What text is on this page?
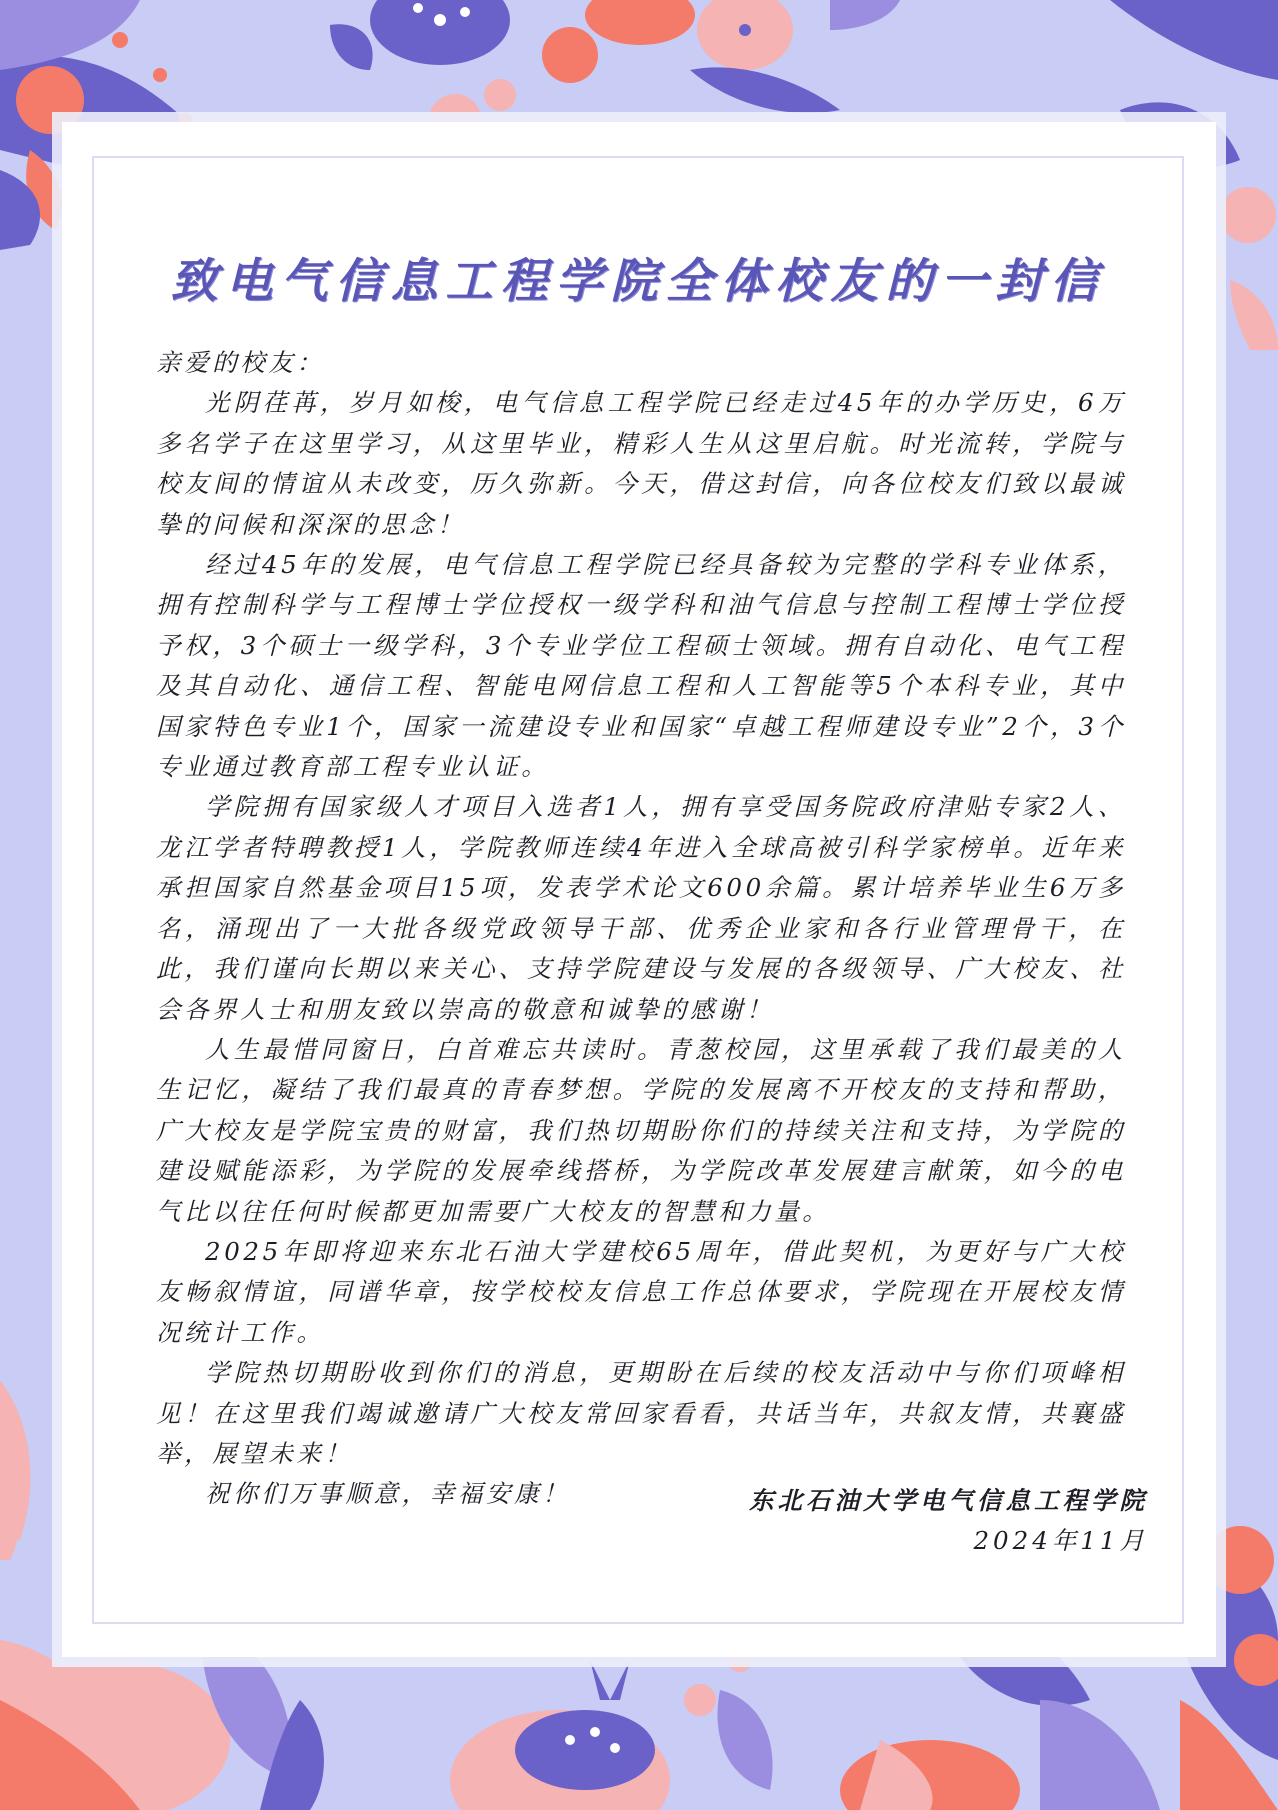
致电气信息工程学院全体校友的一封信

亲爱的校友：

光阴荏苒，岁月如梭，电气信息工程学院已经走过45年的办学历史，6万多名学子在这里学习，从这里毕业，精彩人生从这里启航。时光流转，学院与校友间的情谊从未改变，历久弥新。今天，借这封信，向各位校友们致以最诚挚的问候和深深的思念！

经过45年的发展，电气信息工程学院已经具备较为完整的学科专业体系，拥有控制科学与工程博士学位授权一级学科和油气信息与控制工程博士学位授予权，3个硕士一级学科，3个专业学位工程硕士领域。拥有自动化、电气工程及其自动化、通信工程、智能电网信息工程和人工智能等5个本科专业，其中国家特色专业1个，国家一流建设专业和国家“卓越工程师建设专业”2个，3个专业通过教育部工程专业认证。

学院拥有国家级人才项目入选者1人，拥有享受国务院政府津贴专家2人、龙江学者特聘教授1人，学院教师连续4年进入全球高被引科学家榜单。近年来承担国家自然基金项目15项，发表学术论文600余篇。累计培养毕业生6万多名，涌现出了一大批各级党政领导干部、优秀企业家和各行业管理骨干，在此，我们谨向长期以来关心、支持学院建设与发展的各级领导、广大校友、社会各界人士和朋友致以崇高的敬意和诚挚的感谢！

人生最惜同窗日，白首难忘共读时。青葱校园，这里承载了我们最美的人生记忆，凝结了我们最真的青春梦想。学院的发展离不开校友的支持和帮助，广大校友是学院宝贵的财富，我们热切期盼你们的持续关注和支持，为学院的建设赋能添彩，为学院的发展牵线搭桥，为学院改革发展建言献策，如今的电气比以往任何时候都更加需要广大校友的智慧和力量。

2025年即将迎来东北石油大学建校65周年，借此契机，为更好与广大校友畅叙情谊，同谱华章，按学校校友信息工作总体要求，学院现在开展校友情况统计工作。

学院热切期盼收到你们的消息，更期盼在后续的校友活动中与你们项峰相见！在这里我们竭诚邀请广大校友常回家看看，共话当年，共叙友情，共襄盛举，展望未来！

祝你们万事顺意，幸福安康！	东北石油大学电气信息工程学院
2024年11月
